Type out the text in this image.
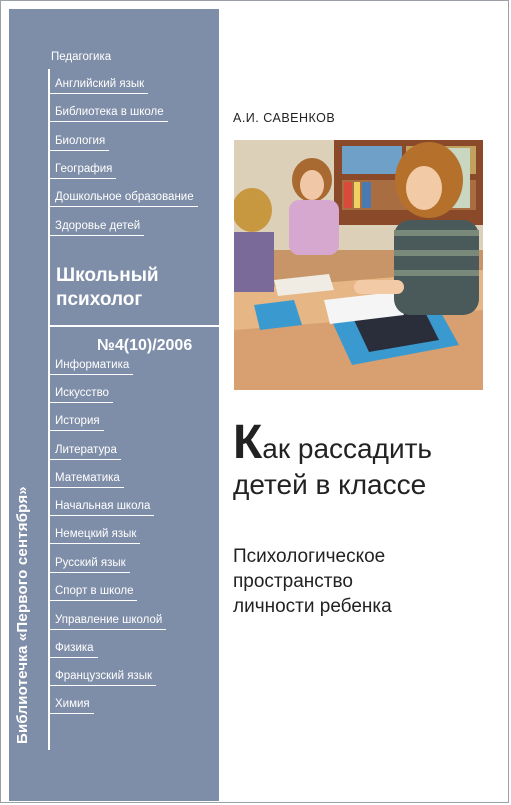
Библиотечка «Первого сентября»
Педагогика
Английский язык
Библиотека в школе
Биология
География
Дошкольное образование
Здоровье детей
Школьный
психолог
№4(10)/2006
Информатика
Искусство
История
Литература
Математика
Начальная школа
Немецкий язык
Русский язык
Спорт в школе
Управление школой
Физика
Французский язык
Химия
А.И. САВЕНКОВ
Как рассадить
детей в классе
Психологическое
пространство
личности ребенка
